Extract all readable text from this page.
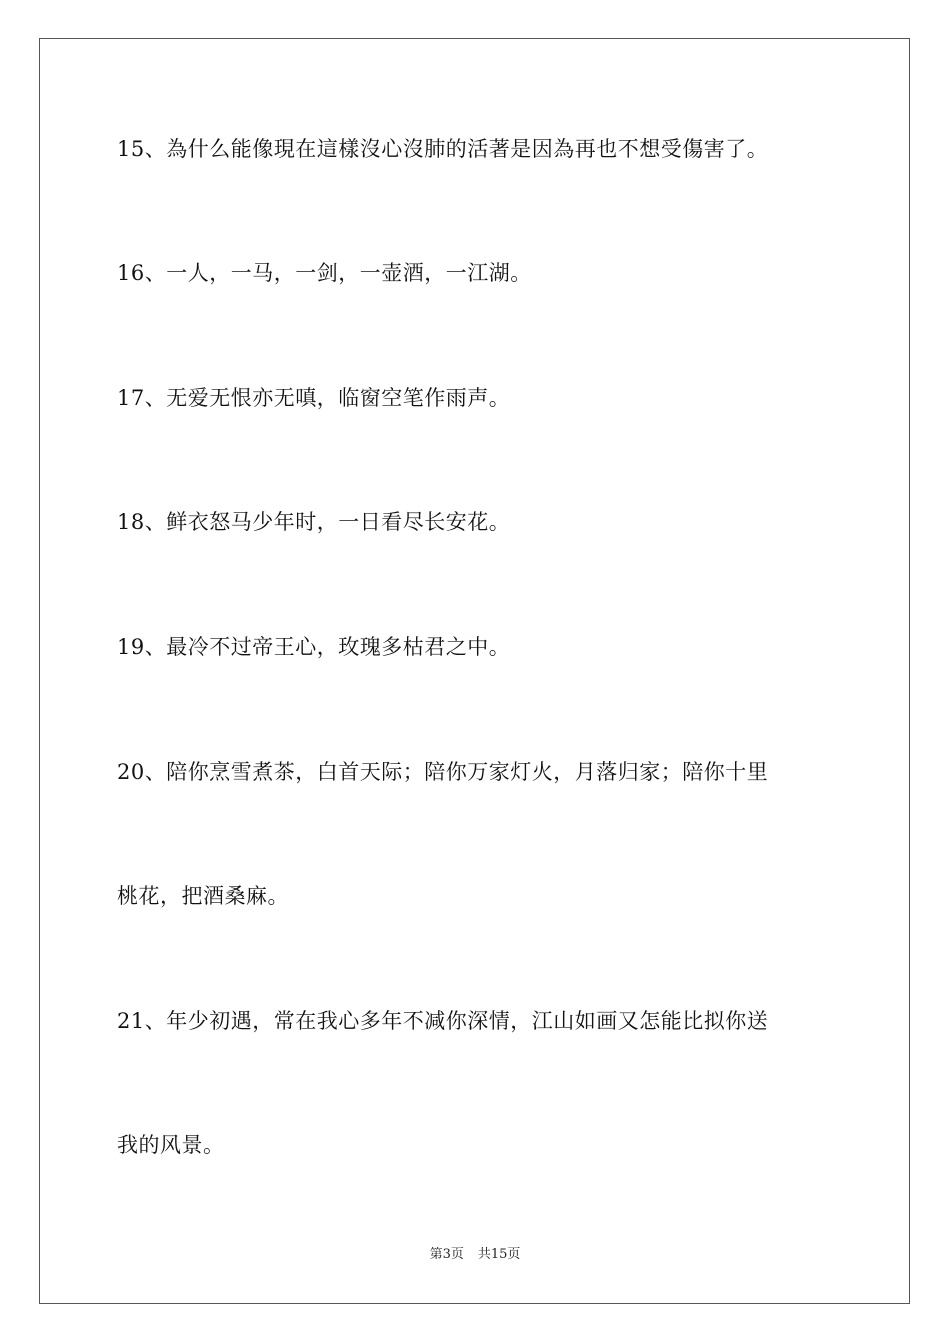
15、為什么能像現在這樣沒心沒肺的活著是因為再也不想受傷害了。
16、一人，一马，一剑，一壶酒，一江湖。
17、无爱无恨亦无嗔，临窗空笔作雨声。
18、鲜衣怒马少年时，一日看尽长安花。
19、最冷不过帝王心，玫瑰多枯君之中。
20、陪你烹雪煮茶，白首天际；陪你万家灯火，月落归家；陪你十里
桃花，把酒桑麻。
21、年少初遇，常在我心多年不减你深情，江山如画又怎能比拟你送
我的风景。
第3页 共15页
